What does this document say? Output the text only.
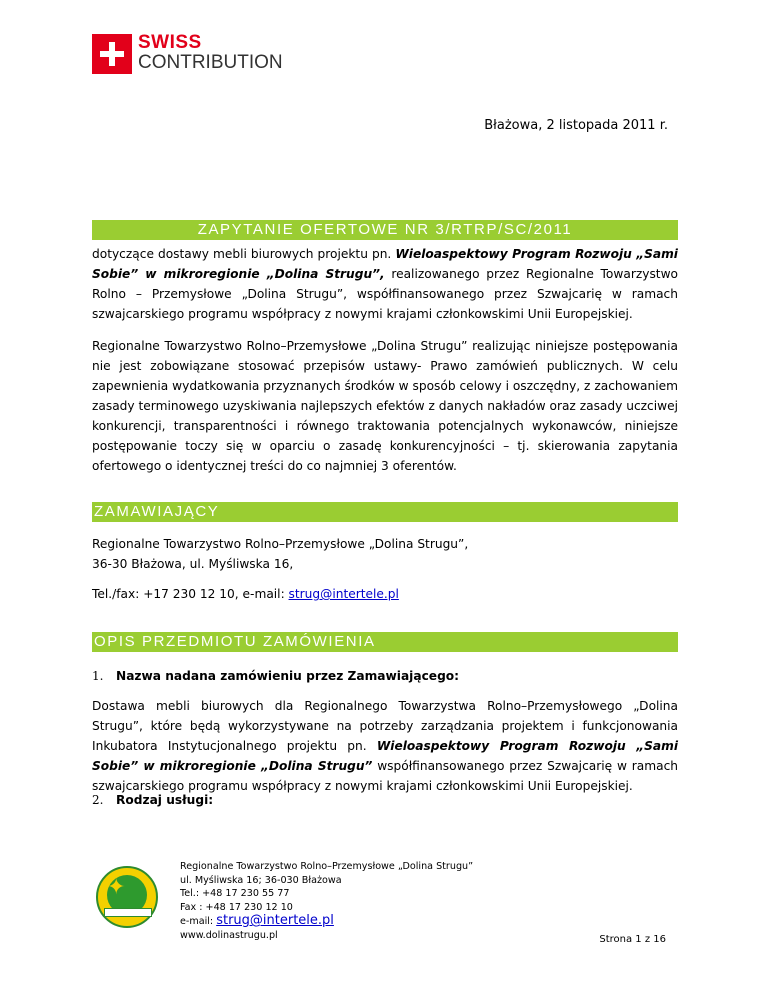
SWISS
CONTRIBUTION
Błażowa, 2 listopada 2011 r.
ZAPYTANIE OFERTOWE NR 3/RTRP/SC/2011

dotyczące dostawy mebli biurowych projektu pn. Wieloaspektowy Program Rozwoju „Sami Sobie” w mikroregionie „Dolina Strugu”, realizowanego przez Regionalne Towarzystwo Rolno – Przemysłowe „Dolina Strugu”, współfinansowanego przez Szwajcarię w ramach szwajcarskiego programu współpracy z nowymi krajami członkowskimi Unii Europejskiej.

Regionalne Towarzystwo Rolno–Przemysłowe „Dolina Strugu” realizując niniejsze postępowania nie jest zobowiązane stosować przepisów ustawy- Prawo zamówień publicznych. W celu zapewnienia wydatkowania przyznanych środków w sposób celowy i oszczędny, z zachowaniem zasady terminowego uzyskiwania najlepszych efektów z danych nakładów oraz zasady uczciwej konkurencji, transparentności i równego traktowania potencjalnych wykonawców, niniejsze postępowanie toczy się w oparciu o zasadę konkurencyjności – tj. skierowania zapytania ofertowego o identycznej treści do co najmniej 3 oferentów.

ZAMAWIAJĄCY

Regionalne Towarzystwo Rolno–Przemysłowe „Dolina Strugu”,

36-30 Błażowa, ul. Myśliwska 16,

Tel./fax: +17 230 12 10, e-mail: strug@intertele.pl

OPIS PRZEDMIOTU ZAMÓWIENIA

1. Nazwa nadana zamówieniu przez Zamawiającego:

Dostawa mebli biurowych dla Regionalnego Towarzystwa Rolno–Przemysłowego „Dolina Strugu”, które będą wykorzystywane na potrzeby zarządzania projektem i funkcjonowania Inkubatora Instytucjonalnego projektu pn. Wieloaspektowy Program Rozwoju „Sami Sobie” w mikroregionie „Dolina Strugu” współfinansowanego przez Szwajcarię w ramach szwajcarskiego programu współpracy z nowymi krajami członkowskimi Unii Europejskiej.

2. Rodzaj usługi:

✦
Regionalne Towarzystwo Rolno–Przemysłowe „Dolina Strugu”
ul. Myśliwska 16; 36-030 Błażowa
Tel.: +48 17 230 55 77
Fax : +48 17 230 12 10
e-mail: strug@intertele.pl
www.dolinastrugu.pl	Strona 1 z 16
